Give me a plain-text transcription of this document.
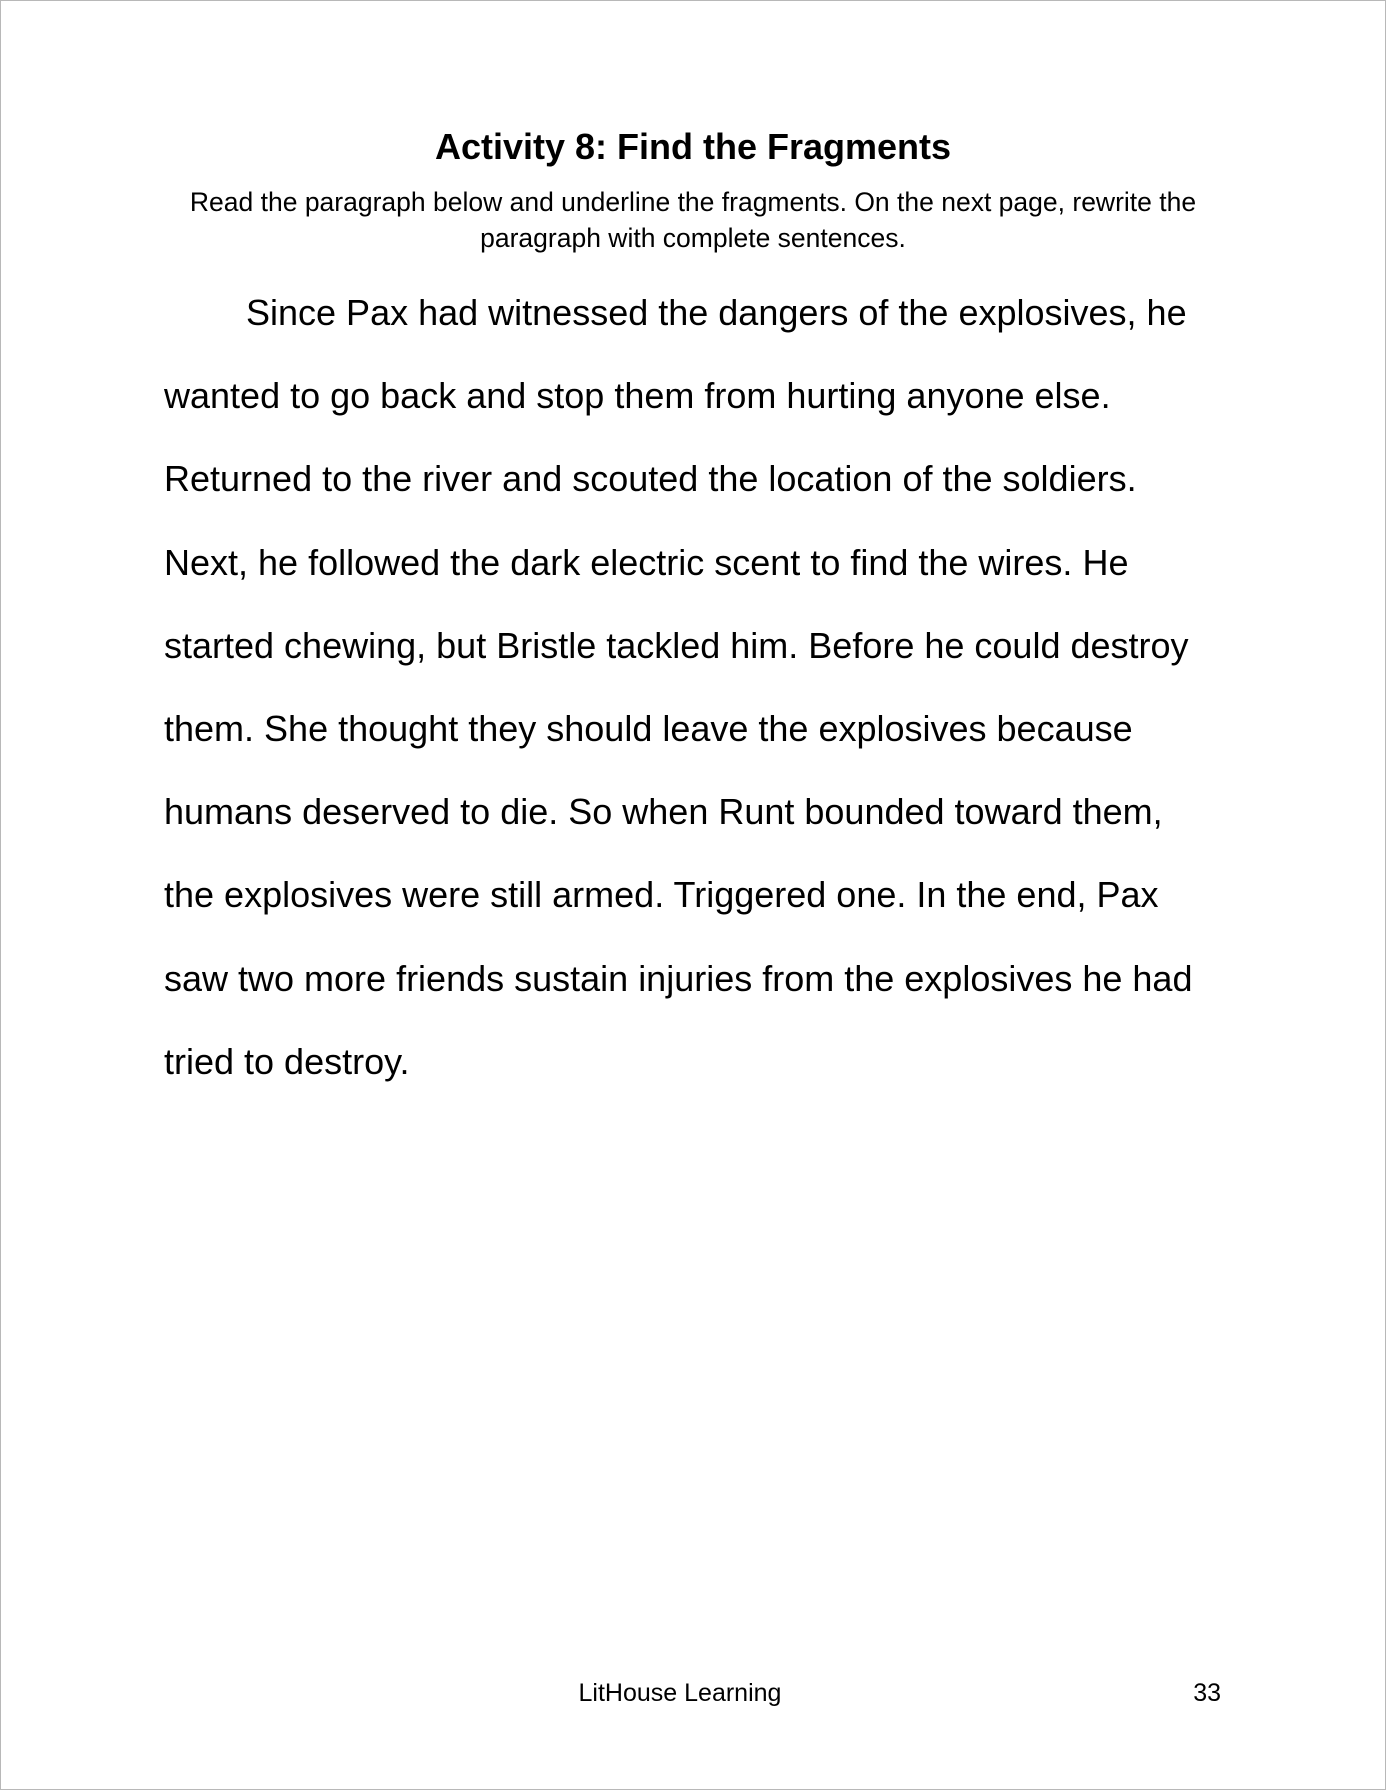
Activity 8: Find the Fragments
Read the paragraph below and underline the fragments. On the next page, rewrite the
paragraph with complete sentences.
Since Pax had witnessed the dangers of the explosives, he
wanted to go back and stop them from hurting anyone else.
Returned to the river and scouted the location of the soldiers.
Next, he followed the dark electric scent to find the wires. He
started chewing, but Bristle tackled him. Before he could destroy
them. She thought they should leave the explosives because
humans deserved to die. So when Runt bounded toward them,
the explosives were still armed. Triggered one. In the end, Pax
saw two more friends sustain injuries from the explosives he had
tried to destroy.
LitHouse Learning	33
